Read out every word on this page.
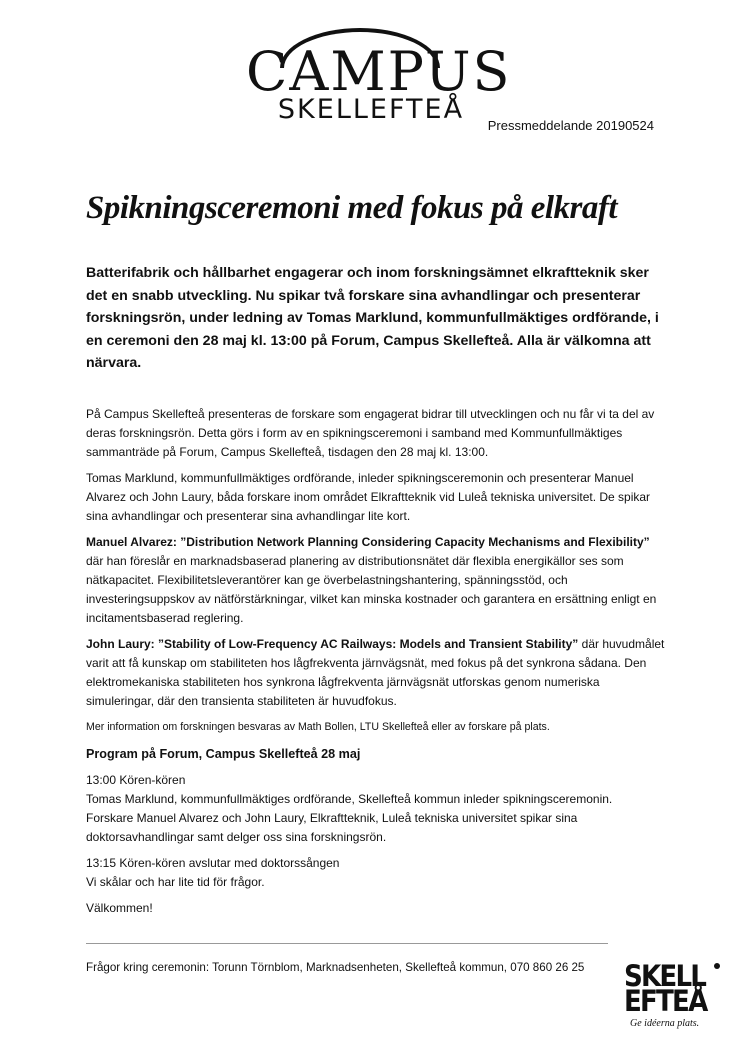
CAMPUS
SKELLEFTEÅ
Pressmeddelande 20190524
Spikningsceremoni med fokus på elkraft
Batterifabrik och hållbarhet engagerar och inom forskningsämnet elkraftteknik sker det en snabb utveckling. Nu spikar två forskare sina avhandlingar och presenterar forskningsrön, under ledning av Tomas Marklund, kommunfullmäktiges ordförande, i en ceremoni den 28 maj kl. 13:00 på Forum, Campus Skellefteå. Alla är välkomna att närvara.

På Campus Skellefteå presenteras de forskare som engagerat bidrar till utvecklingen och nu får vi ta del av deras forskningsrön. Detta görs i form av en spikningsceremoni i samband med Kommunfullmäktiges sammanträde på Forum, Campus Skellefteå, tisdagen den 28 maj kl. 13:00.

Tomas Marklund, kommunfullmäktiges ordförande, inleder spikningsceremonin och presenterar Manuel Alvarez och John Laury, båda forskare inom området Elkraftteknik vid Luleå tekniska universitet. De spikar sina avhandlingar och presenterar sina avhandlingar lite kort.

Manuel Alvarez: ”Distribution Network Planning Considering Capacity Mechanisms and Flexibility” där han föreslår en marknadsbaserad planering av distributionsnätet där flexibla energikällor ses som nätkapacitet. Flexibilitetsleverantörer kan ge överbelastningshantering, spänningsstöd, och investeringsuppskov av nätförstärkningar, vilket kan minska kostnader och garantera en ersättning enligt en incitamentsbaserad reglering.

John Laury: ”Stability of Low-Frequency AC Railways: Models and Transient Stability” där huvudmålet varit att få kunskap om stabiliteten hos lågfrekventa järnvägsnät, med fokus på det synkrona sådana. Den elektromekaniska stabiliteten hos synkrona lågfrekventa järnvägsnät utforskas genom numeriska simuleringar, där den transienta stabiliteten är huvudfokus.

Mer information om forskningen besvaras av Math Bollen, LTU Skellefteå eller av forskare på plats.

Program på Forum, Campus Skellefteå 28 maj

13:00 Kören-kören
Tomas Marklund, kommunfullmäktiges ordförande, Skellefteå kommun inleder spikningsceremonin.
Forskare Manuel Alvarez och John Laury, Elkraftteknik, Luleå tekniska universitet spikar sina doktorsavhandlingar samt delger oss sina forskningsrön.

13:15 Kören-kören avslutar med doktorssången
Vi skålar och har lite tid för frågor.

Välkommen!

Frågor kring ceremonin: Torunn Törnblom, Marknadsenheten, Skellefteå kommun, 070 860 26 25 SKELL
EFTEÅ
Ge idéerna plats.
